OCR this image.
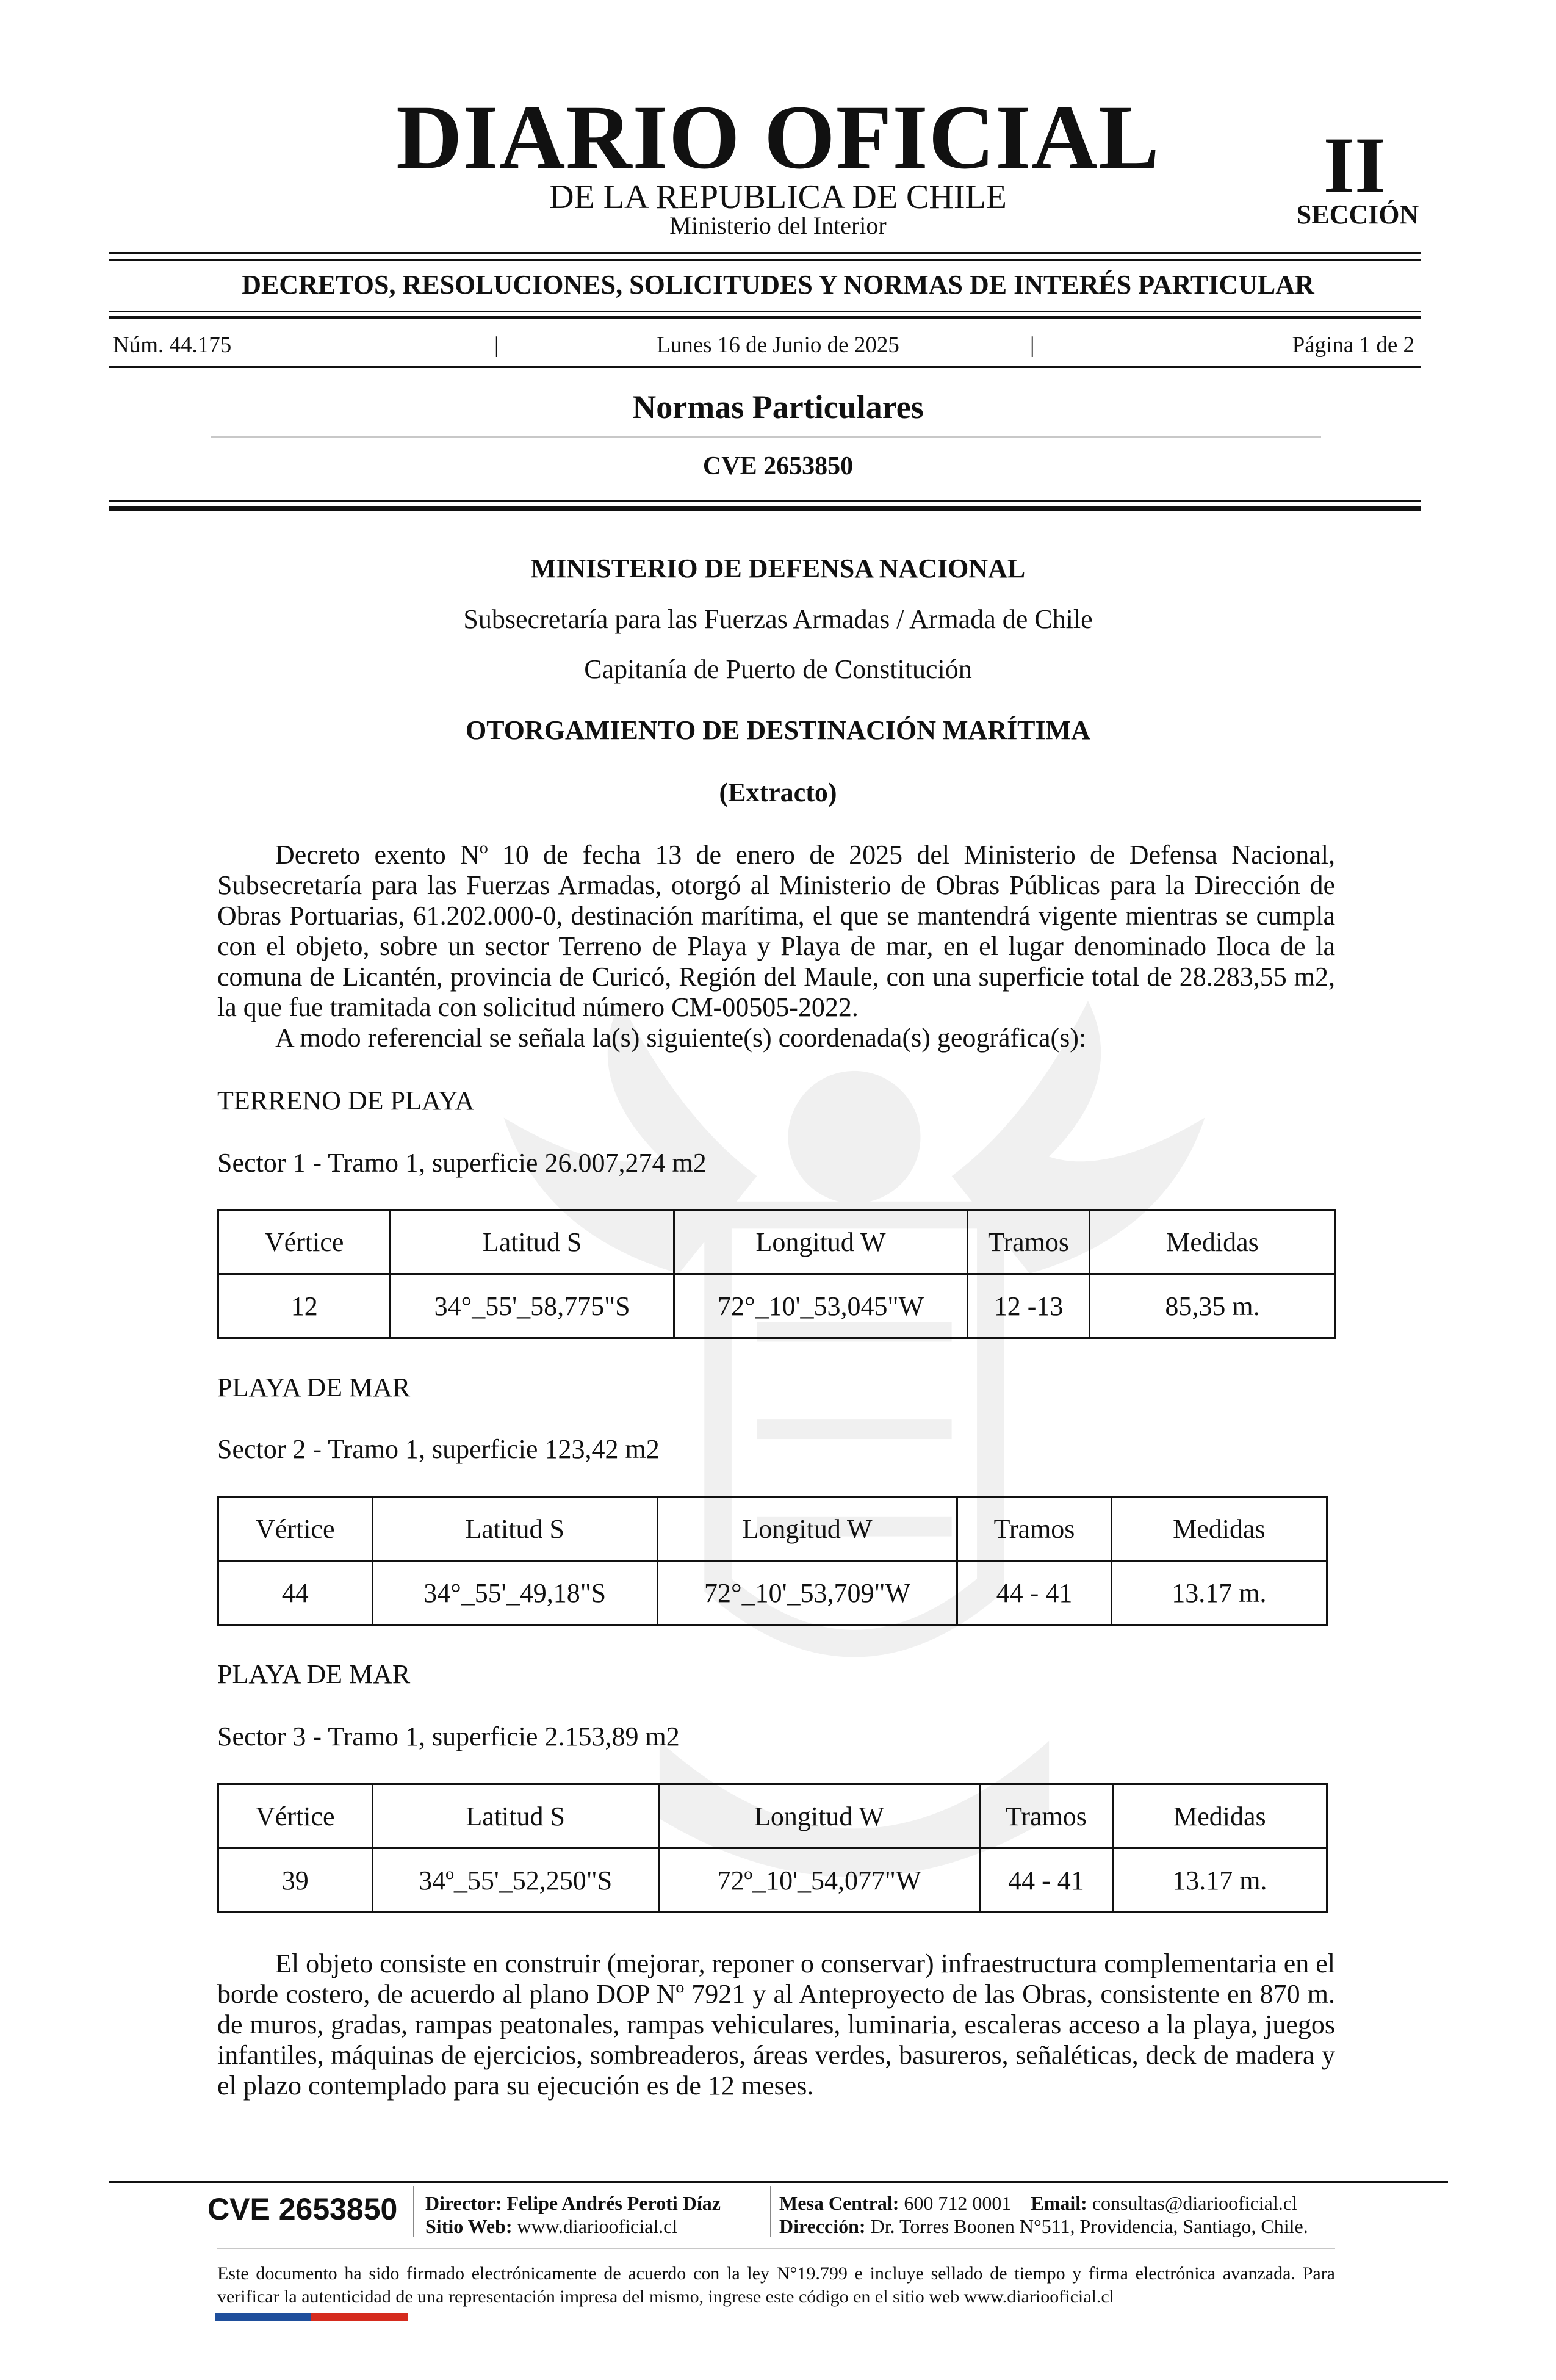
DIARIO OFICIAL
DE LA REPUBLICA DE CHILE
Ministerio del Interior
II
SECCIÓN
DECRETOS, RESOLUCIONES, SOLICITUDES Y NORMAS DE INTERÉS PARTICULAR
Núm. 44.175	|	Lunes 16 de Junio de 2025	|	Página 1 de 2
Normas Particulares
CVE 2653850
MINISTERIO DE DEFENSA NACIONAL
Subsecretaría para las Fuerzas Armadas / Armada de Chile
Capitanía de Puerto de Constitución
OTORGAMIENTO DE DESTINACIÓN MARÍTIMA
(Extracto)

Decreto exento Nº 10 de fecha 13 de enero de 2025 del Ministerio de Defensa Nacional, Subsecretaría para las Fuerzas Armadas, otorgó al Ministerio de Obras Públicas para la Dirección de Obras Portuarias, 61.202.000-0, destinación marítima, el que se mantendrá vigente mientras se cumpla con el objeto, sobre un sector Terreno de Playa y Playa de mar, en el lugar denominado Iloca de la comuna de Licantén, provincia de Curicó, Región del Maule, con una superficie total de 28.283,55 m2, la que fue tramitada con solicitud número CM-00505-2022.

A modo referencial se señala la(s) siguiente(s) coordenada(s) geográfica(s):

TERRENO DE PLAYA
Sector 1 - Tramo 1, superficie 26.007,274 m2
Vértice	Latitud S	Longitud W	Tramos	Medidas
12	34°_55'_58,775"S	72°_10'_53,045"W	12 -13	85,35 m.
PLAYA DE MAR
Sector 2 - Tramo 1, superficie 123,42 m2
Vértice	Latitud S	Longitud W	Tramos	Medidas
44	34°_55'_49,18"S	72°_10'_53,709"W	44 - 41	13.17 m.
PLAYA DE MAR
Sector 3 - Tramo 1, superficie 2.153,89 m2
Vértice	Latitud S	Longitud W	Tramos	Medidas
39	34º_55'_52,250"S	72º_10'_54,077"W	44 - 41	13.17 m.

El objeto consiste en construir (mejorar, reponer o conservar) infraestructura complementaria en el borde costero, de acuerdo al plano DOP Nº 7921 y al Anteproyecto de las Obras, consistente en 870 m. de muros, gradas, rampas peatonales, rampas vehiculares, luminaria, escaleras acceso a la playa, juegos infantiles, máquinas de ejercicios, sombreaderos, áreas verdes, basureros, señaléticas, deck de madera y el plazo contemplado para su ejecución es de 12 meses.

CVE 2653850 Director: Felipe Andrés Peroti Díaz
Sitio Web: www.diariooficial.cl
Mesa Central: 600 712 0001 Email: consultas@diariooficial.cl
Dirección: Dr. Torres Boonen N°511, Providencia, Santiago, Chile.
Este documento ha sido firmado electrónicamente de acuerdo con la ley N°19.799 e incluye sellado de tiempo y firma electrónica avanzada. Para verificar la autenticidad de una representación impresa del mismo, ingrese este código en el sitio web www.diariooficial.cl
